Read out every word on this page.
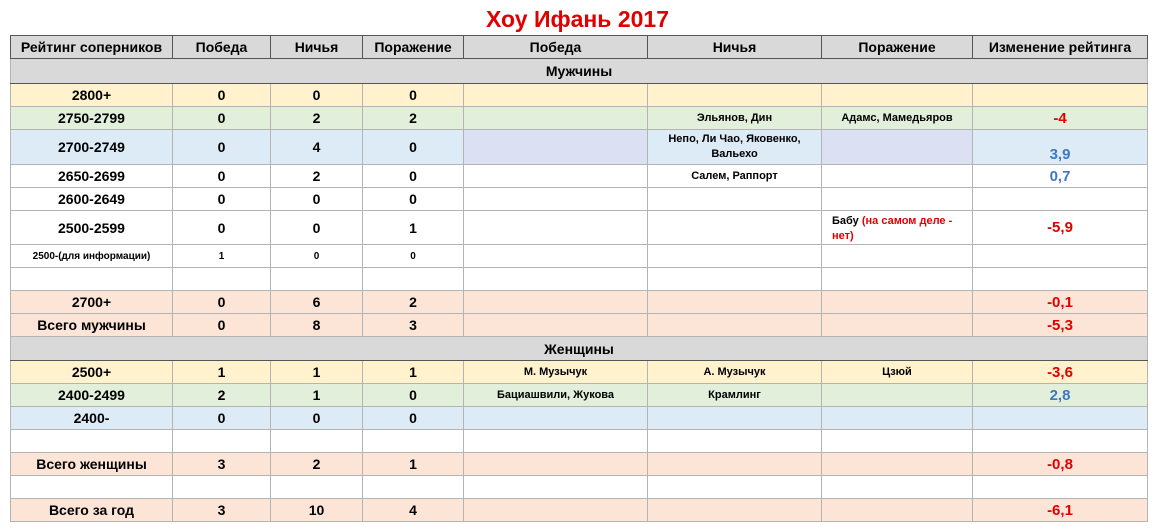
Хоу Ифань 2017
Рейтинг соперников	Победа	Ничья	Поражение	Победа	Ничья	Поражение	Изменение рейтинга
Мужчины							
2800+	0	0	0				
2750-2799	0	2	2		Эльянов, Дин	Адамс, Мамедьяров	-4
2700-2749	0	4	0		Непо, Ли Чао, Яковенко, Вальехо		3,9
2650-2699	0	2	0		Салем, Раппорт		0,7
2600-2649	0	0	0				
2500-2599	0	0	1			Бабу (на самом деле - нет)	-5,9
2500-(для информации)	1	0	0				

2700+	0	6	2				-0,1
Всего мужчины	0	8	3				-5,3
Женщины							
2500+	1	1	1	М. Музычук	А. Музычук	Цзюй	-3,6
2400-2499	2	1	0	Бациашвили, Жукова	Крамлинг		2,8
2400-	0	0	0				

Всего женщины	3	2	1				-0,8

Всего за год	3	10	4				-6,1
